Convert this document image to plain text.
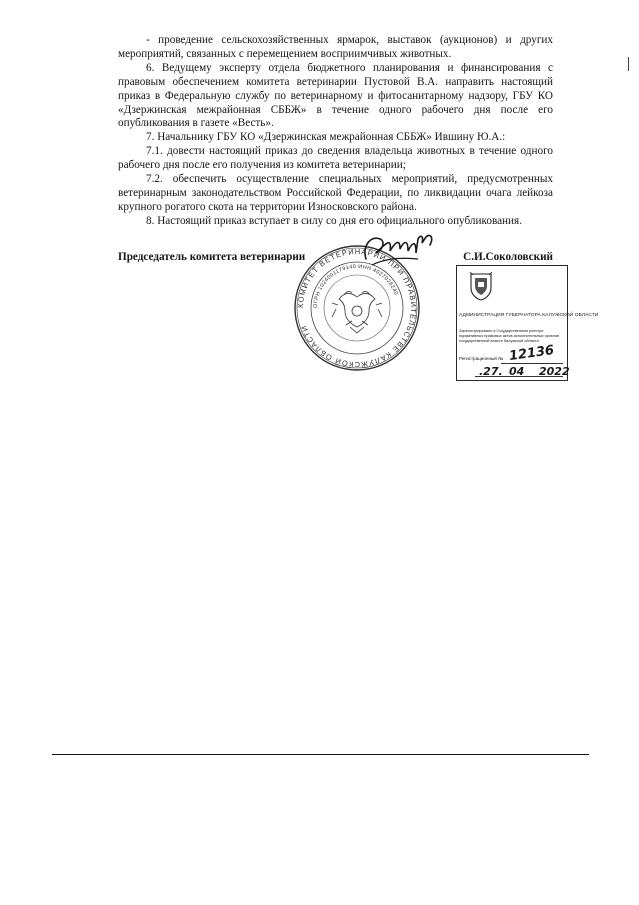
- проведение сельскохозяйственных ярмарок, выставок (аукционов) и других мероприятий, связанных с перемещением восприимчивых животных.

6. Ведущему эксперту отдела бюджетного планирования и финансирования с правовым обеспечением комитета ветеринарии Пустовой В.А. направить настоящий приказ в Федеральную службу по ветеринарному и фитосанитарному надзору, ГБУ КО «Дзержинская межрайонная СББЖ» в течение одного рабочего дня после его опубликования в газете «Весть».

7. Начальнику ГБУ КО «Дзержинская межрайонная СББЖ» Ившину Ю.А.:

7.1. довести настоящий приказ до сведения владельца животных в течение одного рабочего дня после его получения из комитета ветеринарии;

7.2. обеспечить осуществление специальных мероприятий, предусмотренных ветеринарным законодательством Российской Федерации, по ликвидации очага лейкоза крупного рогатого скота на территории Износковского района.

8. Настоящий приказ вступает в силу со дня его официального опубликования.

КОМИТЕТ ВЕТЕРИНАРИИ ПРИ ПРАВИТЕЛЬСТВЕ КАЛУЖСКОЙ ОБЛАСТИ
ОГРН 1024001179140 ИНН 4027026240
Председатель комитета ветеринарии	С.И.Соколовский
АДМИНИСТРАЦИЯ ГУБЕРНАТОРА КАЛУЖСКОЙ ОБЛАСТИ
Зарегистрировано в Государственном реестре нормативных правовых актов исполнительных органов государственной власти Калужской области
Регистрационный № 12136
.27. 04 2022
